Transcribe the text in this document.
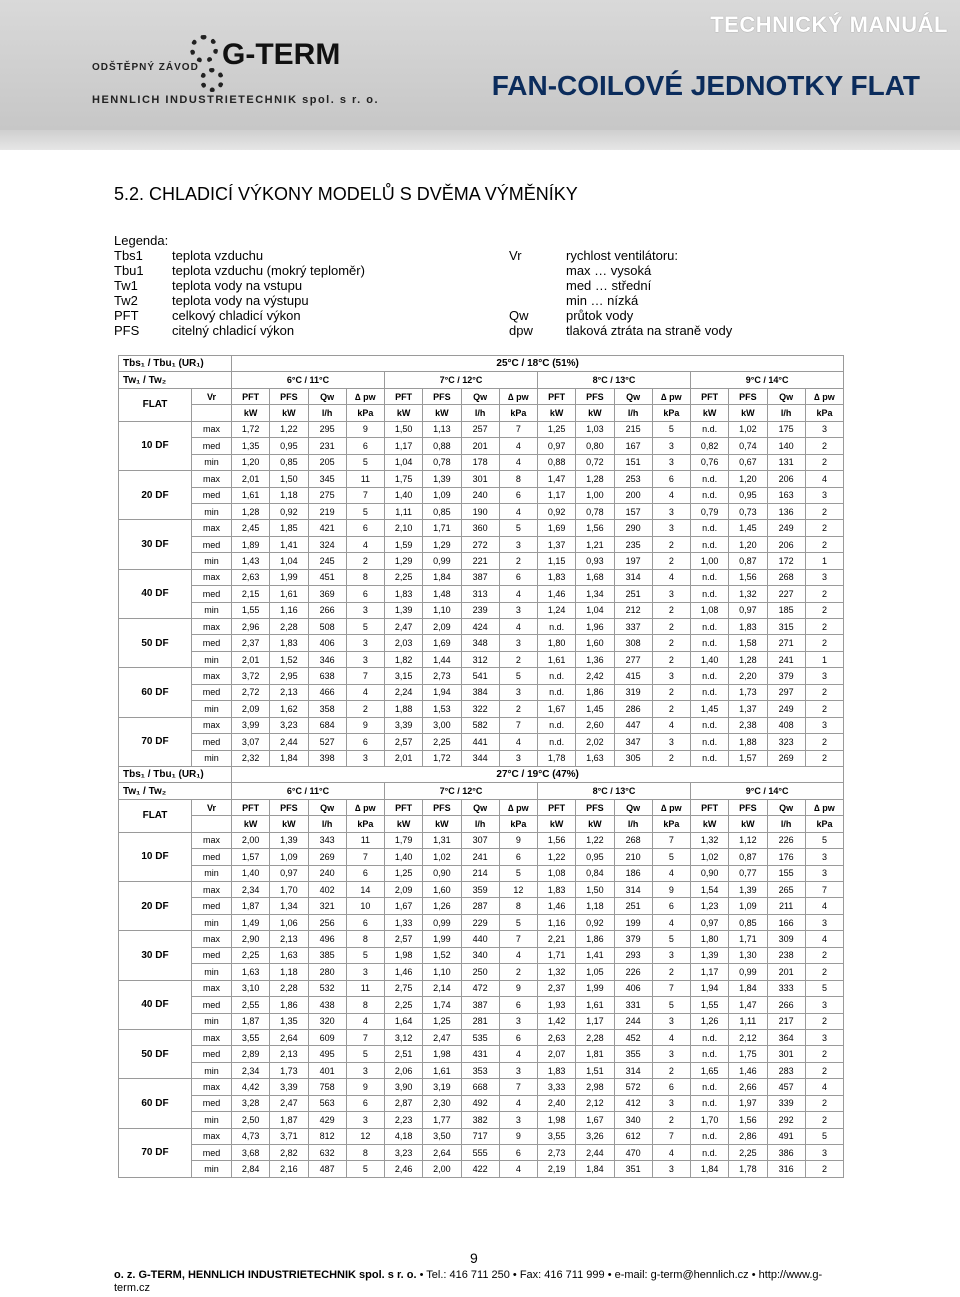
TECHNICKÝ MANUÁL
FAN-COILOVÉ JEDNOTKY FLAT
ODŠTĚPNÝ ZÁVOD G-TERM
HENNLICH INDUSTRIETECHNIK spol. s r. o.
5.2. CHLADICÍ VÝKONY MODELŮ S DVĚMA VÝMĚNÍKY
Legenda:
Tbs1	teplota vzduchu
Tbu1	teplota vzduchu (mokrý teploměr)
Tw1	teplota vody na vstupu
Tw2	teplota vody na výstupu
PFT	celkový chladicí výkon
PFS	citelný chladicí výkon
Vr	rychlost ventilátoru:
max … vysoká
med … střední
min … nízká
Qw	průtok vody
dpw	tlaková ztráta na straně vody
Tbs₁ / Tbu₁ (UR₁)		25°C / 18°C (51%)															
Tw₁ / Tw₂		6°C / 11°C				7°C / 12°C				8°C / 13°C				9°C / 14°C			
FLAT	Vr	PFT	PFS	Qw	∆ pw	PFT	PFS	Qw	∆ pw	PFT	PFS	Qw	∆ pw	PFT	PFS	Qw	∆ pw
		kW	kW	l/h	kPa	kW	kW	l/h	kPa	kW	kW	l/h	kPa	kW	kW	l/h	kPa
10 DF	max	1,72	1,22	295	9	1,50	1,13	257	7	1,25	1,03	215	5	n.d.	1,02	175	3
	med	1,35	0,95	231	6	1,17	0,88	201	4	0,97	0,80	167	3	0,82	0,74	140	2
	min	1,20	0,85	205	5	1,04	0,78	178	4	0,88	0,72	151	3	0,76	0,67	131	2
20 DF	max	2,01	1,50	345	11	1,75	1,39	301	8	1,47	1,28	253	6	n.d.	1,20	206	4
	med	1,61	1,18	275	7	1,40	1,09	240	6	1,17	1,00	200	4	n.d.	0,95	163	3
	min	1,28	0,92	219	5	1,11	0,85	190	4	0,92	0,78	157	3	0,79	0,73	136	2
30 DF	max	2,45	1,85	421	6	2,10	1,71	360	5	1,69	1,56	290	3	n.d.	1,45	249	2
	med	1,89	1,41	324	4	1,59	1,29	272	3	1,37	1,21	235	2	n.d.	1,20	206	2
	min	1,43	1,04	245	2	1,29	0,99	221	2	1,15	0,93	197	2	1,00	0,87	172	1
40 DF	max	2,63	1,99	451	8	2,25	1,84	387	6	1,83	1,68	314	4	n.d.	1,56	268	3
	med	2,15	1,61	369	6	1,83	1,48	313	4	1,46	1,34	251	3	n.d.	1,32	227	2
	min	1,55	1,16	266	3	1,39	1,10	239	3	1,24	1,04	212	2	1,08	0,97	185	2
50 DF	max	2,96	2,28	508	5	2,47	2,09	424	4	n.d.	1,96	337	2	n.d.	1,83	315	2
	med	2,37	1,83	406	3	2,03	1,69	348	3	1,80	1,60	308	2	n.d.	1,58	271	2
	min	2,01	1,52	346	3	1,82	1,44	312	2	1,61	1,36	277	2	1,40	1,28	241	1
60 DF	max	3,72	2,95	638	7	3,15	2,73	541	5	n.d.	2,42	415	3	n.d.	2,20	379	3
	med	2,72	2,13	466	4	2,24	1,94	384	3	n.d.	1,86	319	2	n.d.	1,73	297	2
	min	2,09	1,62	358	2	1,88	1,53	322	2	1,67	1,45	286	2	1,45	1,37	249	2
70 DF	max	3,99	3,23	684	9	3,39	3,00	582	7	n.d.	2,60	447	4	n.d.	2,38	408	3
	med	3,07	2,44	527	6	2,57	2,25	441	4	n.d.	2,02	347	3	n.d.	1,88	323	2
	min	2,32	1,84	398	3	2,01	1,72	344	3	1,78	1,63	305	2	n.d.	1,57	269	2
Tbs₁ / Tbu₁ (UR₁)		27°C / 19°C (47%)															
Tw₁ / Tw₂		6°C / 11°C				7°C / 12°C				8°C / 13°C				9°C / 14°C			
FLAT	Vr	PFT	PFS	Qw	∆ pw	PFT	PFS	Qw	∆ pw	PFT	PFS	Qw	∆ pw	PFT	PFS	Qw	∆ pw
		kW	kW	l/h	kPa	kW	kW	l/h	kPa	kW	kW	l/h	kPa	kW	kW	l/h	kPa
10 DF	max	2,00	1,39	343	11	1,79	1,31	307	9	1,56	1,22	268	7	1,32	1,12	226	5
	med	1,57	1,09	269	7	1,40	1,02	241	6	1,22	0,95	210	5	1,02	0,87	176	3
	min	1,40	0,97	240	6	1,25	0,90	214	5	1,08	0,84	186	4	0,90	0,77	155	3
20 DF	max	2,34	1,70	402	14	2,09	1,60	359	12	1,83	1,50	314	9	1,54	1,39	265	7
	med	1,87	1,34	321	10	1,67	1,26	287	8	1,46	1,18	251	6	1,23	1,09	211	4
	min	1,49	1,06	256	6	1,33	0,99	229	5	1,16	0,92	199	4	0,97	0,85	166	3
30 DF	max	2,90	2,13	496	8	2,57	1,99	440	7	2,21	1,86	379	5	1,80	1,71	309	4
	med	2,25	1,63	385	5	1,98	1,52	340	4	1,71	1,41	293	3	1,39	1,30	238	2
	min	1,63	1,18	280	3	1,46	1,10	250	2	1,32	1,05	226	2	1,17	0,99	201	2
40 DF	max	3,10	2,28	532	11	2,75	2,14	472	9	2,37	1,99	406	7	1,94	1,84	333	5
	med	2,55	1,86	438	8	2,25	1,74	387	6	1,93	1,61	331	5	1,55	1,47	266	3
	min	1,87	1,35	320	4	1,64	1,25	281	3	1,42	1,17	244	3	1,26	1,11	217	2
50 DF	max	3,55	2,64	609	7	3,12	2,47	535	6	2,63	2,28	452	4	n.d.	2,12	364	3
	med	2,89	2,13	495	5	2,51	1,98	431	4	2,07	1,81	355	3	n.d.	1,75	301	2
	min	2,34	1,73	401	3	2,06	1,61	353	3	1,83	1,51	314	2	1,65	1,46	283	2
60 DF	max	4,42	3,39	758	9	3,90	3,19	668	7	3,33	2,98	572	6	n.d.	2,66	457	4
	med	3,28	2,47	563	6	2,87	2,30	492	4	2,40	2,12	412	3	n.d.	1,97	339	2
	min	2,50	1,87	429	3	2,23	1,77	382	3	1,98	1,67	340	2	1,70	1,56	292	2
70 DF	max	4,73	3,71	812	12	4,18	3,50	717	9	3,55	3,26	612	7	n.d.	2,86	491	5
	med	3,68	2,82	632	8	3,23	2,64	555	6	2,73	2,44	470	4	n.d.	2,25	386	3
	min	2,84	2,16	487	5	2,46	2,00	422	4	2,19	1,84	351	3	1,84	1,78	316	2
9
o. z. G-TERM, HENNLICH INDUSTRIETECHNIK spol. s r. o. • Tel.: 416 711 250 • Fax: 416 711 999 • e-mail: g-term@hennlich.cz • http://www.g-term.cz
